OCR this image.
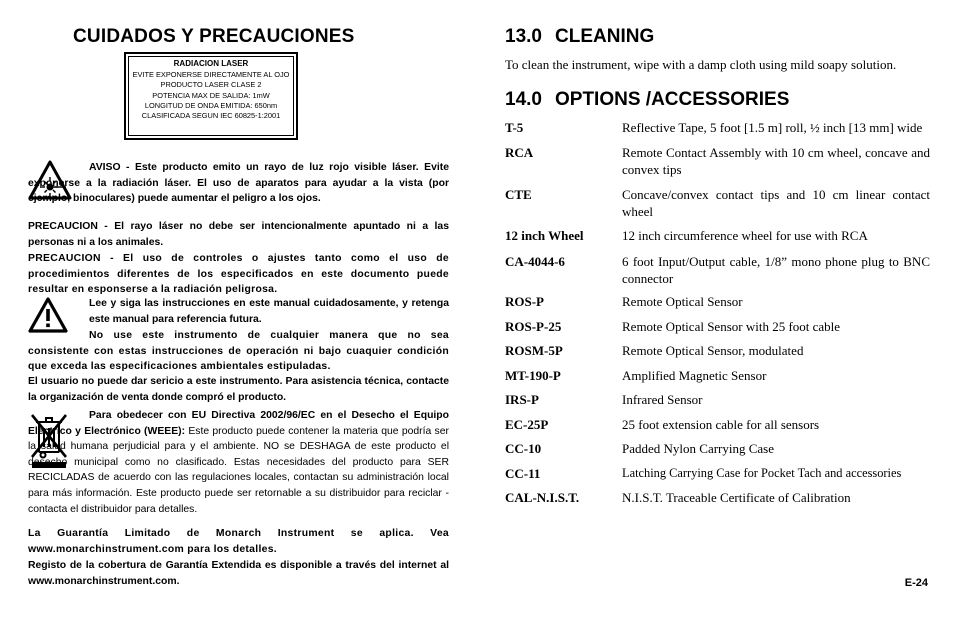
CUIDADOS Y PRECAUCIONES
RADIACION LASER
EVITE EXPONERSE DIRECTAMENTE AL OJO
PRODUCTO LASER CLASE 2
POTENCIA MAX DE SALIDA: 1mW
LONGITUD DE ONDA EMITIDA: 650nm
CLASIFICADA SEGUN IEC 60825-1:2001

AVISO - Este producto emito un rayo de luz rojo visible láser. Evite exponerse a la radiación láser. El uso de aparatos para ayudar a la vista (por ejemplo, binoculares) puede aumentar el peligro a los ojos.

PRECAUCION - El rayo láser no debe ser intencionalmente apuntado ni a las personas ni a los animales.

PRECAUCION - El uso de controles o ajustes tanto como el uso de procedimientos diferentes de los especificados en este documento puede resultar en esponserse a la radiación peligrosa.

Lee y siga las instrucciones en este manual cuidadosamente, y retenga este manual para referencia futura.

No use este instrumento de cualquier manera que no sea consistente con estas instrucciones de operación ni bajo cuaquier condición que exceda las especificaciones ambientales estipuladas.

El usuario no puede dar sericio a este instrumento. Para asistencia técnica, contacte la organización de venta donde compró el producto.

Para obedecer con EU Directiva 2002/96/EC en el Desecho el Equipo Eléctrico y Electrónico (WEEE): Este producto puede contener la materia que podría ser la salud humana perjudicial para y el ambiente. NO se DESHAGA de este producto el desecho municipal como no clasificado. Estas necesidades del producto para SER RECICLADAS de acuerdo con las regulaciones locales, contactan su administración local para más información. Este producto puede ser retornable a su distribuidor para reciclar - contacta el distribuidor para detalles.

La Guarantía Limitado de Monarch Instrument se aplica. Vea www.monarchinstrument.com para los detalles.

Registo de la cobertura de Garantía Extendida es disponible a través del internet al www.monarchinstrument.com.

13.0 CLEANING

To clean the instrument, wipe with a damp cloth using mild soapy solution.

14.0 OPTIONS /ACCESSORIES
T-5	Reflective Tape, 5 foot [1.5 m] roll, ½ inch [13 mm] wide
RCA	Remote Contact Assembly with 10 cm wheel, concave and convex tips
CTE	Concave/convex contact tips and 10 cm linear contact wheel
12 inch Wheel	12 inch circumference wheel for use with RCA
CA-4044-6	6 foot Input/Output cable, 1/8” mono phone plug to BNC connector
ROS-P	Remote Optical Sensor
ROS-P-25	Remote Optical Sensor with 25 foot cable
ROSM-5P	Remote Optical Sensor, modulated
MT-190-P	Amplified Magnetic Sensor
IRS-P	Infrared Sensor
EC-25P	25 foot extension cable for all sensors
CC-10	Padded Nylon Carrying Case
CC-11	Latching Carrying Case for Pocket Tach and accessories
CAL-N.I.S.T.	N.I.S.T. Traceable Certificate of Calibration
E-24
